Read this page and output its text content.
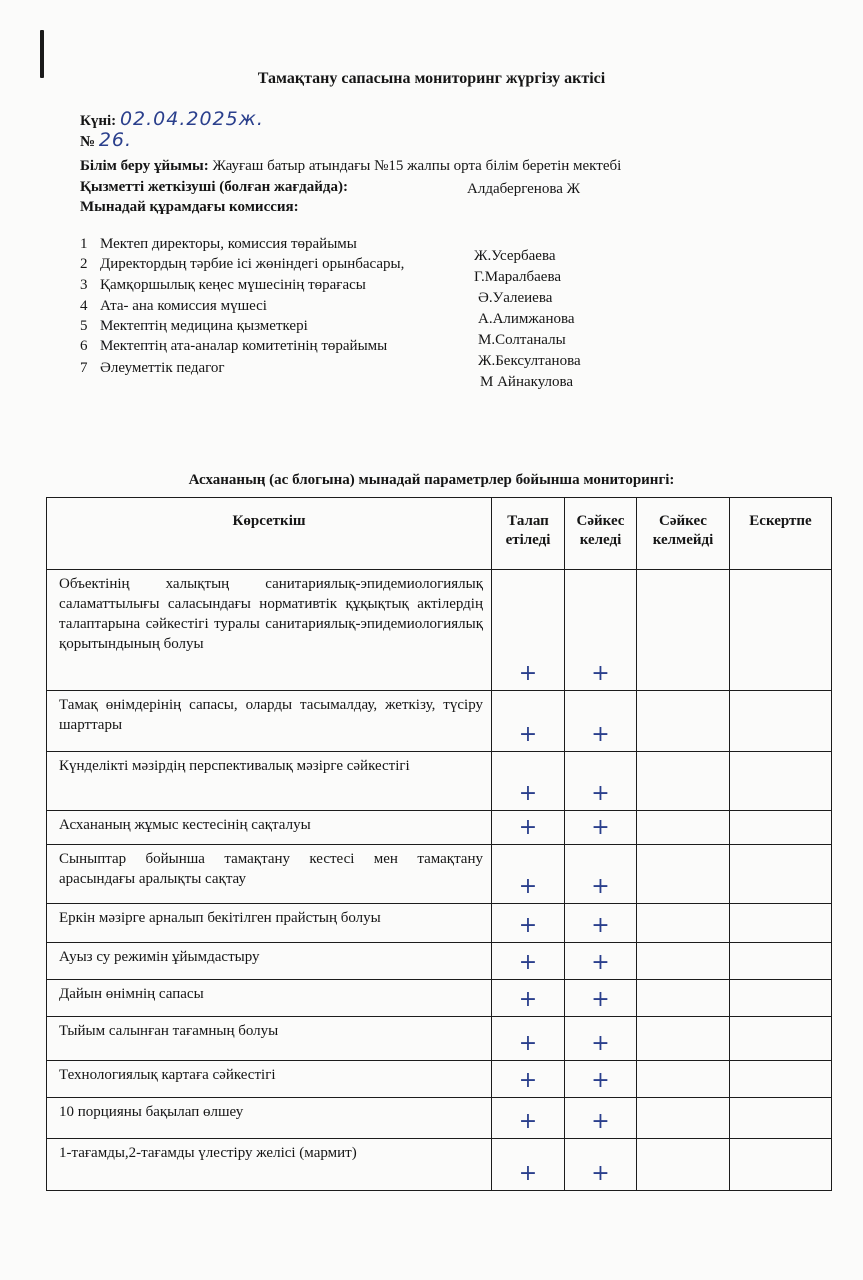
Тамақтану сапасына мониторинг жүргізу актісі
Күні: 02.04.2025ж.
№ 26.
Білім беру ұйымы: Жауғаш батыр атындағы №15 жалпы орта білім беретін мектебі
Қызметті жеткізуші (болған жағдайда):	Алдабергенова Ж
Мынадай құрамдағы комиссия:
1 Мектеп директоры, комиссия төрайымы
Ж.Усербаева
2 Директордың тәрбие ісі жөніндегі орынбасары,
Г.Маралбаева
3 Қамқоршылық кеңес мүшесінің төрағасы
Ә.Уалеиева
4 Ата- ана комиссия мүшесі
А.Алимжанова
5 Мектептің медицина қызметкері
М.Солтаналы
6 Мектептің ата-аналар комитетінің төрайымы
Ж.Бексултанова
7 Әлеуметтік педагог
М Айнакулова
Асхананың (ас блогына) мынадай параметрлер бойынша мониторингі:
Көрсеткіш	Талап етіледі	Сәйкес келеді	Сәйкес келмейді	Ескертпе

Объектінің халықтың санитариялық-эпидемиологиялық саламаттылығы саласындағы нормативтік құқықтық актілердің талаптарына сәйкестігі туралы санитариялық-эпидемиологиялық қорытындының болуы	+	+		

Тамақ өнімдерінің сапасы, оларды тасымалдау, жеткізу, түсіру шарттары	+	+		

Күнделікті мәзірдің перспективалық мәзірге сәйкестігі	+	+		

Асхананың жұмыс кестесінің сақталуы	+	+		

Сыныптар бойынша тамақтану кестесі мен тамақтану арасындағы аралықты сақтау	+	+		

Еркін мәзірге арналып бекітілген прайстың болуы	+	+		

Ауыз су режимін ұйымдастыру	+	+		

Дайын өнімнің сапасы	+	+		

Тыйым салынған тағамның болуы	+	+		

Технологиялық картаға сәйкестігі	+	+		

10 порцияны бақылап өлшеу	+	+		

1-тағамды,2-тағамды үлестіру желісі (мармит)	+	+		
